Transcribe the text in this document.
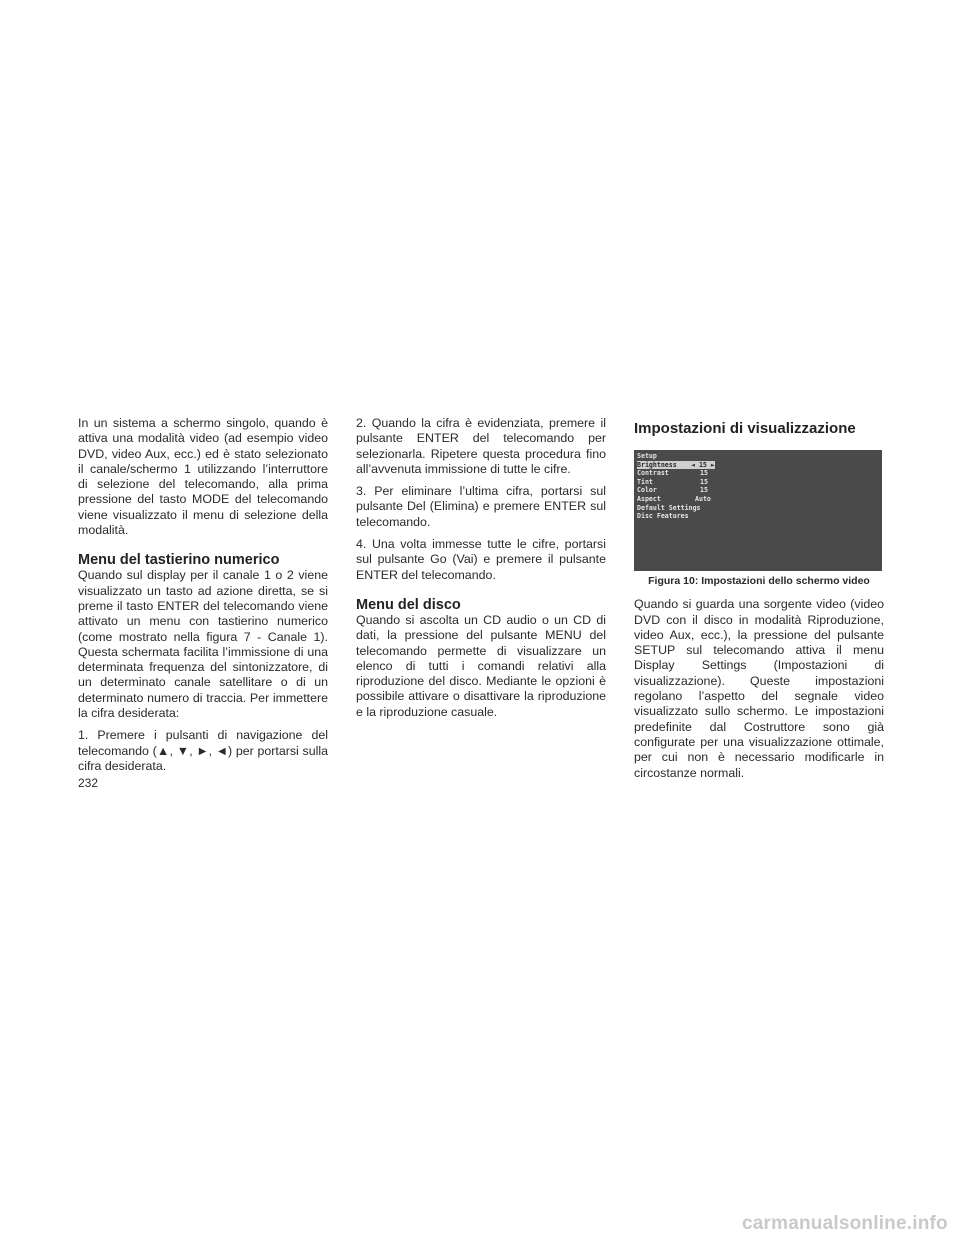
In un sistema a schermo singolo, quando è attiva una modalità video (ad esempio video DVD, video Aux, ecc.) ed è stato selezionato il canale/schermo 1 utilizzando l’interruttore di selezione del telecomando, alla prima pressione del tasto MODE del telecomando viene visualizzato il menu di selezione della modalità.

Menu del tastierino numerico

Quando sul display per il canale 1 o 2 viene visualizzato un tasto ad azione diretta, se si preme il tasto ENTER del telecomando viene attivato un menu con tastierino numerico (come mostrato nella figura 7 - Canale 1). Questa schermata facilita l’immissione di una determinata frequenza del sintonizzatore, di un determinato canale satellitare o di un determinato numero di traccia. Per immettere la cifra desiderata:

1. Premere i pulsanti di navigazione del telecomando (▲, ▼, ►, ◄) per portarsi sulla cifra desiderata.

2. Quando la cifra è evidenziata, premere il pulsante ENTER del telecomando per selezionarla. Ripetere questa procedura fino all’avvenuta immissione di tutte le cifre.

3. Per eliminare l’ultima cifra, portarsi sul pulsante Del (Elimina) e premere ENTER sul telecomando.

4. Una volta immesse tutte le cifre, portarsi sul pulsante Go (Vai) e premere il pulsante ENTER del telecomando.

Menu del disco

Quando si ascolta un CD audio o un CD di dati, la pressione del pulsante MENU del telecomando permette di visualizzare un elenco di tutti i comandi relativi alla riproduzione del disco. Mediante le opzioni è possibile attivare o disattivare la riproduzione e la riproduzione casuale.

Impostazioni di visualizzazione
Setup
Brightness ◄ 15 ►
Contrast	15
Tint	15
Color	15
Aspect	Auto
Default Settings
Disc Features
Figura 10: Impostazioni dello schermo video

Quando si guarda una sorgente video (video DVD con il disco in modalità Riproduzione, video Aux, ecc.), la pressione del pulsante SETUP sul telecomando attiva il menu Display Settings (Impostazioni di visualizzazione). Queste impostazioni regolano l’aspetto del segnale video visualizzato sullo schermo. Le impostazioni predefinite dal Costruttore sono già configurate per una visualizzazione ottimale, per cui non è necessario modificarle in circostanze normali.

232
carmanualsonline.info
